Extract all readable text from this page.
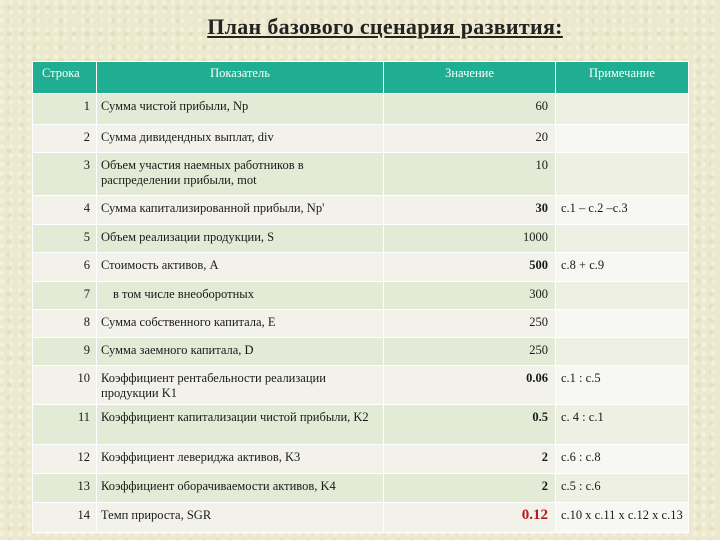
План базового сценария развития:
Строка	Показатель	Значение	Примечание
1	Сумма чистой прибыли, Nр	60	
2	Сумма дивидендных выплат, div	20	
3	Объем участия наемных работников в распределении прибыли, mot	10	
4	Сумма капитализированной прибыли, Nр'	30	с.1 – с.2 –с.3
5	Объем реализации продукции, S	1000	
6	Стоимость активов, А	500	с.8 + с.9
7	в том числе внеоборотных	300	
8	Сумма собственного капитала, Е	250	
9	Сумма заемного капитала, D	250	
10	Коэффициент рентабельности реализации продукции K1	0.06	с.1 : с.5
11	Коэффициент капитализации чистой прибыли, K2	0.5	с. 4 : с.1
12	Коэффициент левериджа активов, K3	2	с.6 : с.8
13	Коэффициент оборачиваемости активов, K4	2	с.5 : с.6
14	Темп прироста, SGR	0.12	с.10 х с.11 х с.12 х с.13
